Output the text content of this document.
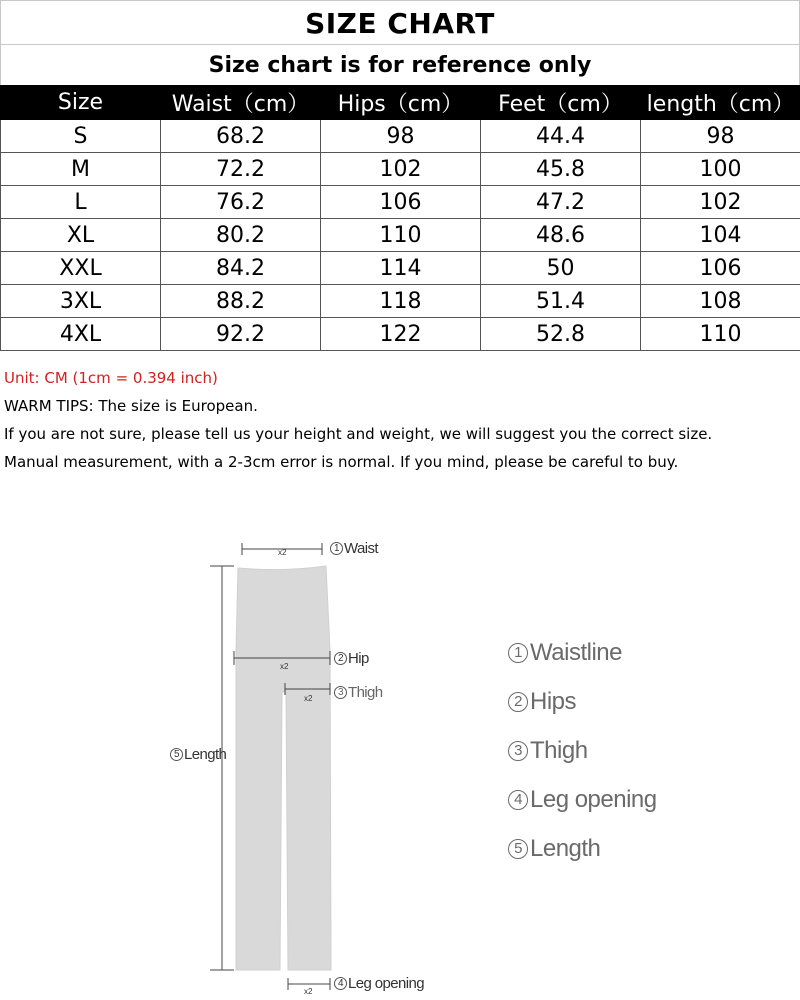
SIZE CHART
Size chart is for reference only
Size	Waist（cm）	Hips（cm）	Feet（cm）	length（cm）
S	68.2	98	44.4	98
M	72.2	102	45.8	100
L	76.2	106	47.2	102
XL	80.2	110	48.6	104
XXL	84.2	114	50	106
3XL	88.2	118	51.4	108
4XL	92.2	122	52.8	110
Unit: CM (1cm = 0.394 inch)
WARM TIPS: The size is European.
If you are not sure, please tell us your height and weight, we will suggest you the correct size.
Manual measurement, with a 2-3cm error is normal. If you mind, please be careful to buy.
x2
x2
x2
x2
1 Waist
2 Hip
3 Thigh
5 Length
4 Leg opening
1 Waistline
2 Hips
3 Thigh
4 Leg opening
5 Length
